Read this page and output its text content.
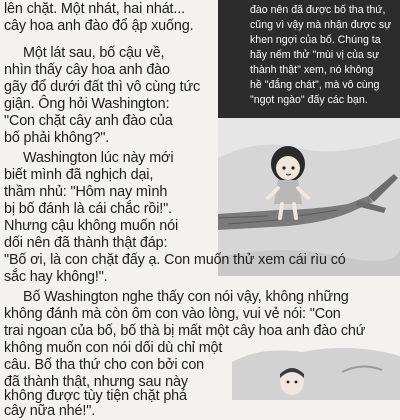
đào nên đã được bố tha thứ,
cũng vì vậy mà nhận được sự
khen ngợi của bố. Chúng ta
hãy nếm thử "mùi vị của sự
thành thật" xem, nó không
hề "đắng chát", mà vô cùng
"ngọt ngào" đấy các bạn.

lên chặt. Một nhát, hai nhát...

cây hoa anh đào đổ ập xuống.

Một lát sau, bố cậu về,

nhìn thấy cây hoa anh đào

gãy đổ dưới đất thì vô cùng tức

giận. Ông hỏi Washington:

"Con chặt cây anh đào của

bố phải không?".

Washington lúc này mới

biết mình đã nghịch dại,

thầm nhủ: "Hôm nay mình

bị bố đánh là cái chắc rồi!".

Nhưng cậu không muốn nói

dối nên đã thành thật đáp:

"Bố ơi, là con chặt đấy ạ. Con muốn thử xem cái rìu có

sắc hay không!".

Bố Washington nghe thấy con nói vậy, không những

không đánh mà còn ôm con vào lòng, vui vẻ nói: "Con

trai ngoan của bố, bố thà bị mất một cây hoa anh đào chứ

không muốn con nói dối dù chỉ một

câu. Bố tha thứ cho con bởi con

đã thành thật, nhưng sau này

không được tùy tiện chặt phá

cây nữa nhé!".
